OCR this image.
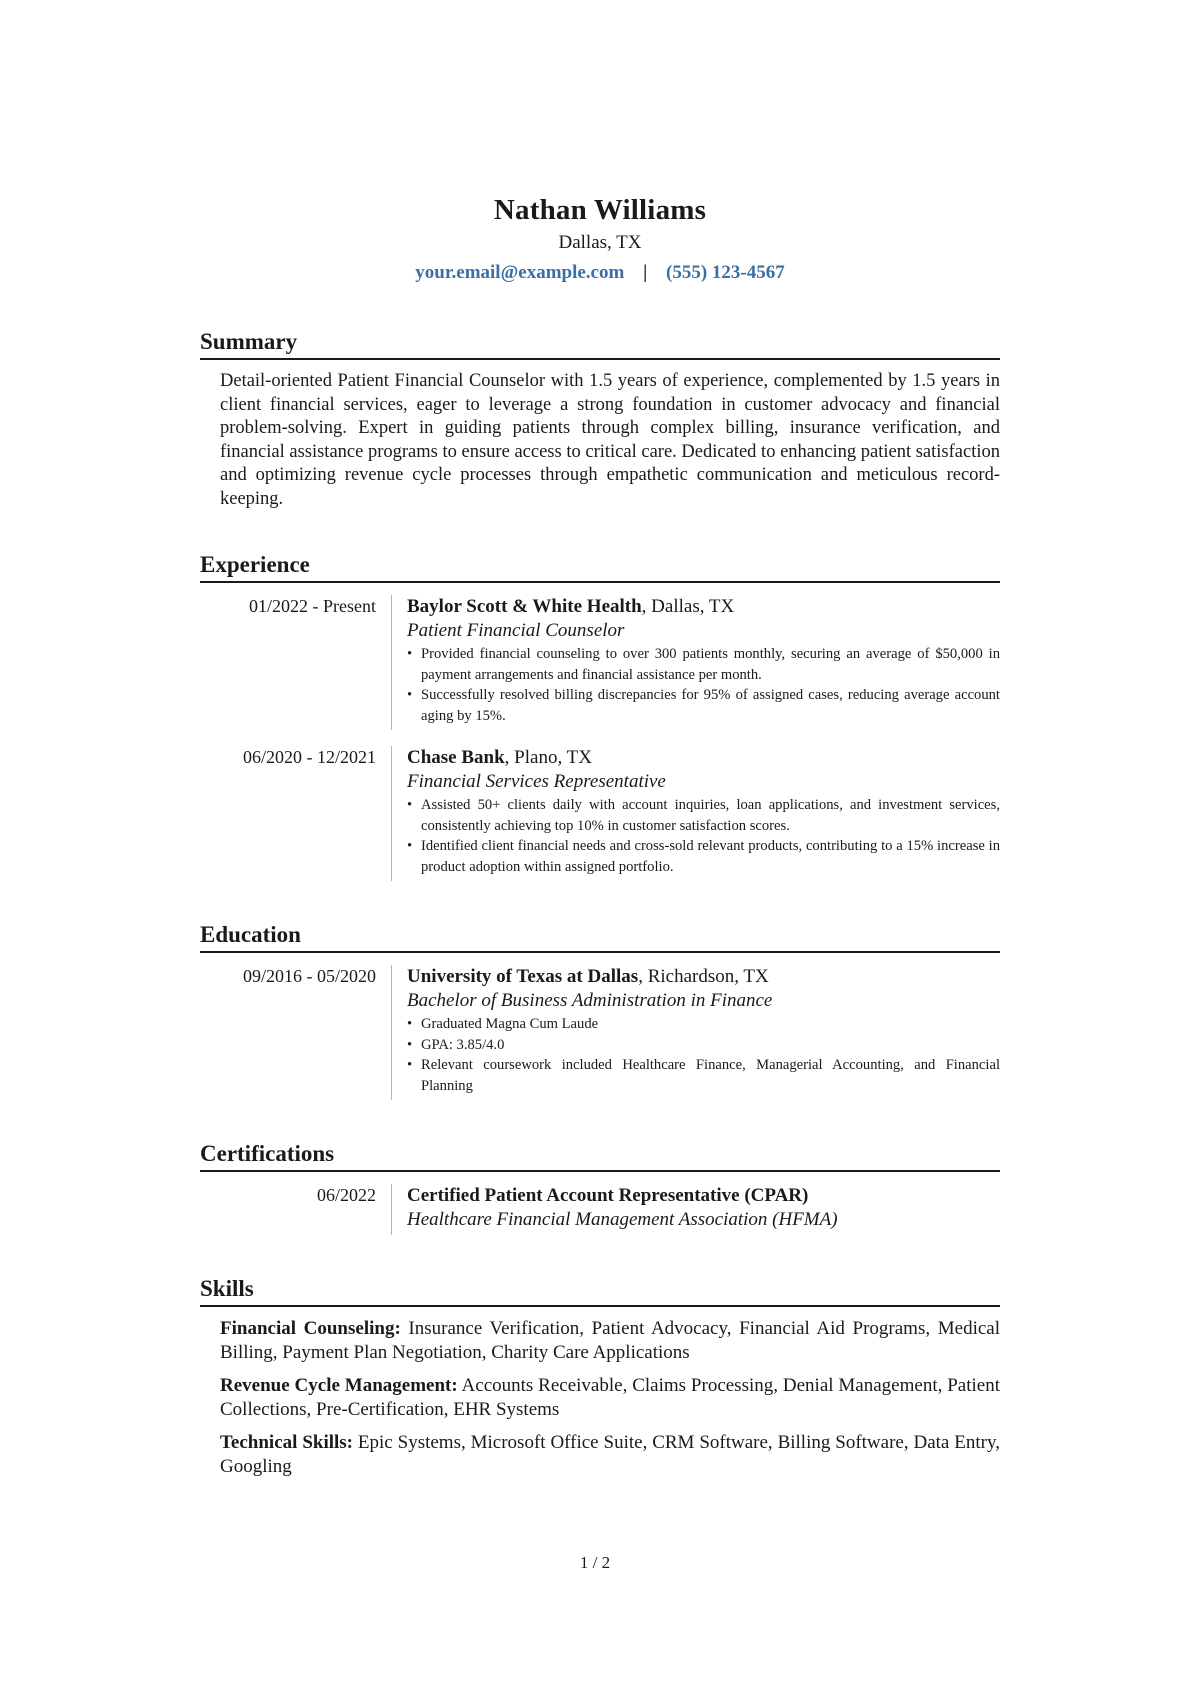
Nathan Williams
Dallas, TX
your.email@example.com | (555) 123-4567
Summary
Detail-oriented Patient Financial Counselor with 1.5 years of experience, complemented by 1.5 years in client financial services, eager to leverage a strong foundation in customer advocacy and financial problem-solving. Expert in guiding patients through complex billing, insurance verification, and financial assistance programs to ensure access to critical care. Dedicated to enhancing patient satisfaction and optimizing revenue cycle processes through empathetic communication and meticulous record-keeping.
Experience
01/2022 - Present	Baylor Scott & White Health, Dallas, TX
Patient Financial Counselor
• Provided financial counseling to over 300 patients monthly, securing an average of $50,000 in payment arrangements and financial assistance per month.
• Successfully resolved billing discrepancies for 95% of assigned cases, reducing average account aging by 15%.
06/2020 - 12/2021	Chase Bank, Plano, TX
Financial Services Representative
• Assisted 50+ clients daily with account inquiries, loan applications, and investment services, consistently achieving top 10% in customer satisfaction scores.
• Identified client financial needs and cross-sold relevant products, contributing to a 15% increase in product adoption within assigned portfolio.
Education
09/2016 - 05/2020	University of Texas at Dallas, Richardson, TX
Bachelor of Business Administration in Finance
• Graduated Magna Cum Laude
• GPA: 3.85/4.0
• Relevant coursework included Healthcare Finance, Managerial Accounting, and Financial Planning
Certifications
06/2022	Certified Patient Account Representative (CPAR)
Healthcare Financial Management Association (HFMA)
Skills
Financial Counseling: Insurance Verification, Patient Advocacy, Financial Aid Programs, Medical Billing, Payment Plan Negotiation, Charity Care Applications
Revenue Cycle Management: Accounts Receivable, Claims Processing, Denial Management, Patient Collections, Pre-Certification, EHR Systems
Technical Skills: Epic Systems, Microsoft Office Suite, CRM Software, Billing Software, Data Entry, Googling
1 / 2
